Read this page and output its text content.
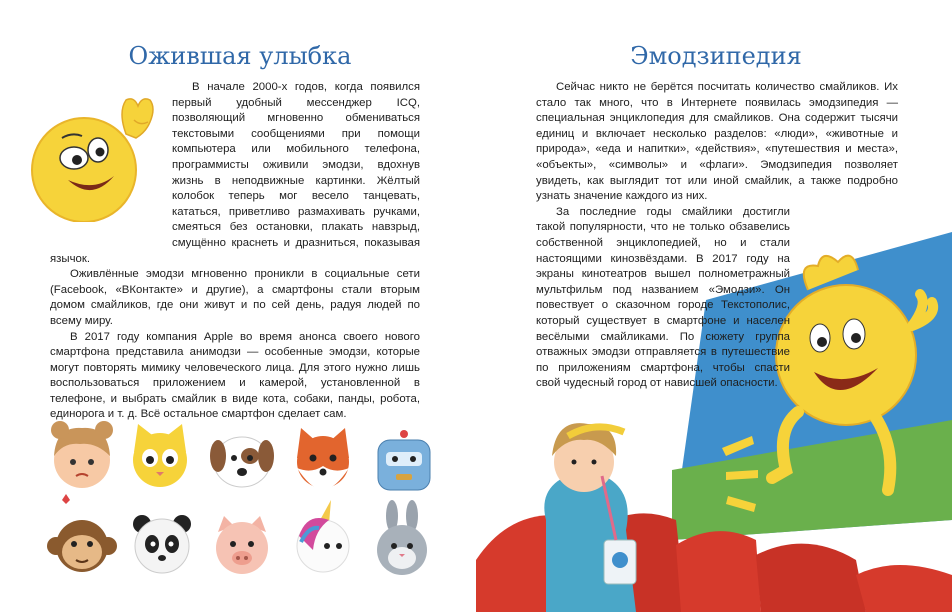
Ожившая улыбка

В начале 2000-х годов, когда появился первый удобный мессенджер ICQ, позволяющий мгновенно обмениваться текстовыми сообщениями при помощи компьютера или мобильного телефона, программисты оживили эмодзи, вдохнув жизнь в неподвижные картинки. Жёлтый колобок теперь мог весело танцевать, кататься, приветливо размахивать ручками, смеяться без остановки, плакать навзрыд, смущённо краснеть и дразниться, показывая язычок.

Оживлённые эмодзи мгновенно проникли в социальные сети (Facebook, «ВКонтакте» и другие), а смартфоны стали вторым домом смайликов, где они живут и по сей день, радуя людей по всему миру.

В 2017 году компания Apple во время анонса своего нового смартфона представила анимодзи — особенные эмодзи, которые могут повторять мимику человеческого лица. Для этого нужно лишь воспользоваться приложением и камерой, установленной в телефоне, и выбрать смайлик в виде кота, собаки, панды, робота, единорога и т. д. Всё остальное смартфон сделает сам.

Эмодзипедия

Сейчас никто не берётся посчитать количество смайликов. Их стало так много, что в Интернете появилась эмодзипедия — специальная энциклопедия для смайликов. Она содержит тысячи единиц и включает несколько разделов: «люди», «животные и природа», «еда и напитки», «действия», «путешествия и места», «объекты», «символы» и «флаги». Эмодзипедия позволяет увидеть, как выглядит тот или иной смайлик, а также подробно узнать значение каждого из них.

За последние годы смайлики достигли такой популярности, что не только обзавелись собственной энциклопедией, но и стали настоящими кинозвёздами. В 2017 году на экраны кинотеатров вышел полнометражный мультфильм под названием «Эмодзи». Он повествует о сказочном городе Текстополис, который существует в смартфоне и населен весёлыми смайликами. По сюжету группа отважных эмодзи отправляется в путешествие по приложениям смартфона, чтобы спасти свой чудесный город от нависшей опасности.
